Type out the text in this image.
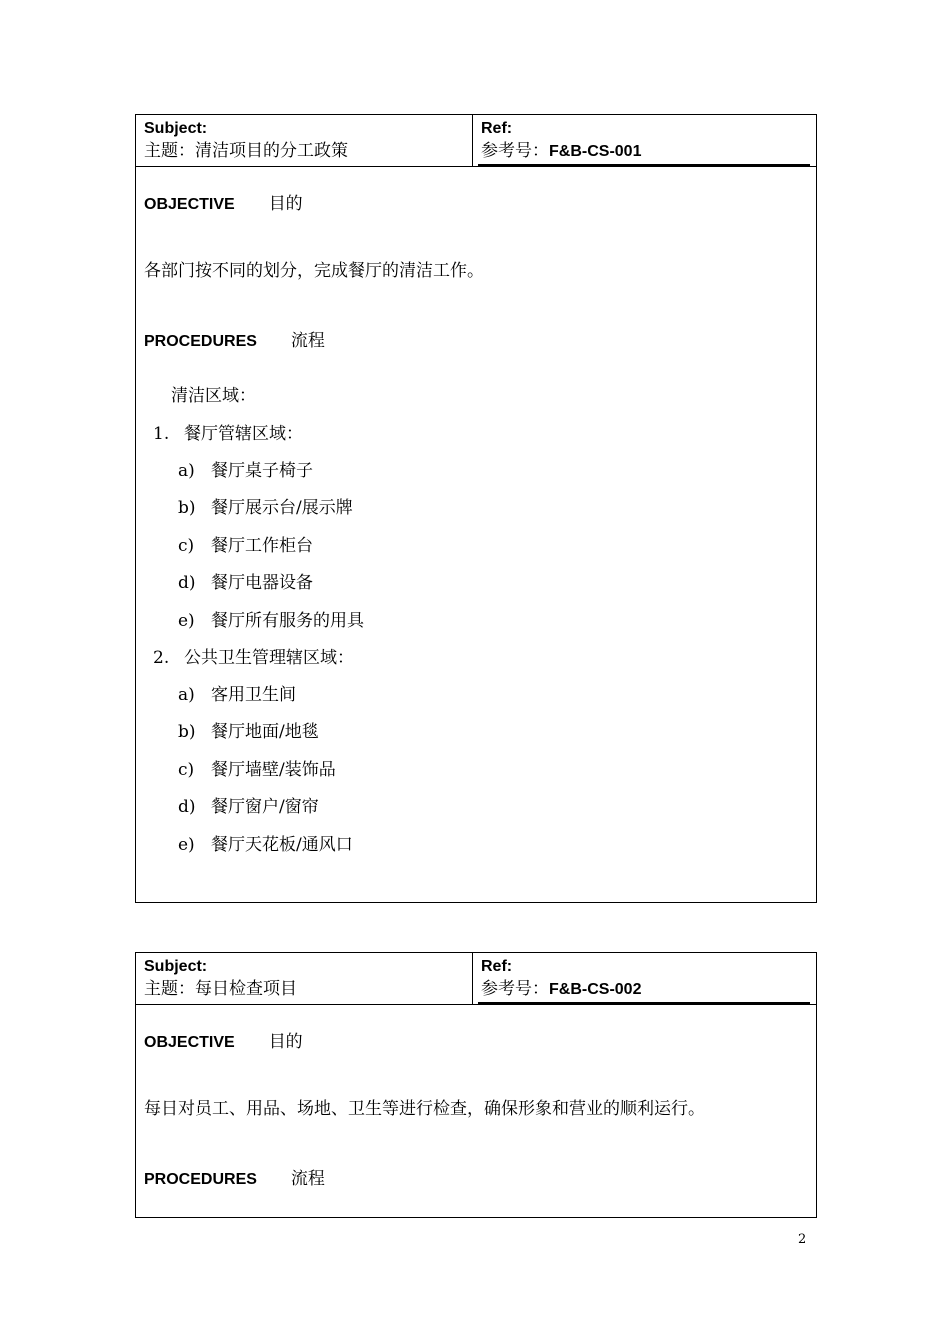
Subject:
主题：清洁项目的分工政策
Ref:
参考号：F&B-CS-001
OBJECTIVE 目的
各部门按不同的划分，完成餐厅的清洁工作。
PROCEDURES 流程
清洁区域：
1. 餐厅管辖区域：
a) 餐厅桌子椅子
b) 餐厅展示台/展示牌
c) 餐厅工作柜台
d) 餐厅电器设备
e) 餐厅所有服务的用具
2. 公共卫生管理辖区域：
a) 客用卫生间
b) 餐厅地面/地毯
c) 餐厅墙壁/装饰品
d) 餐厅窗户/窗帘
e) 餐厅天花板/通风口
Subject:
主题：每日检查项目
Ref:
参考号：F&B-CS-002
OBJECTIVE 目的
每日对员工、用品、场地、卫生等进行检查，确保形象和营业的顺利运行。
PROCEDURES 流程
2
